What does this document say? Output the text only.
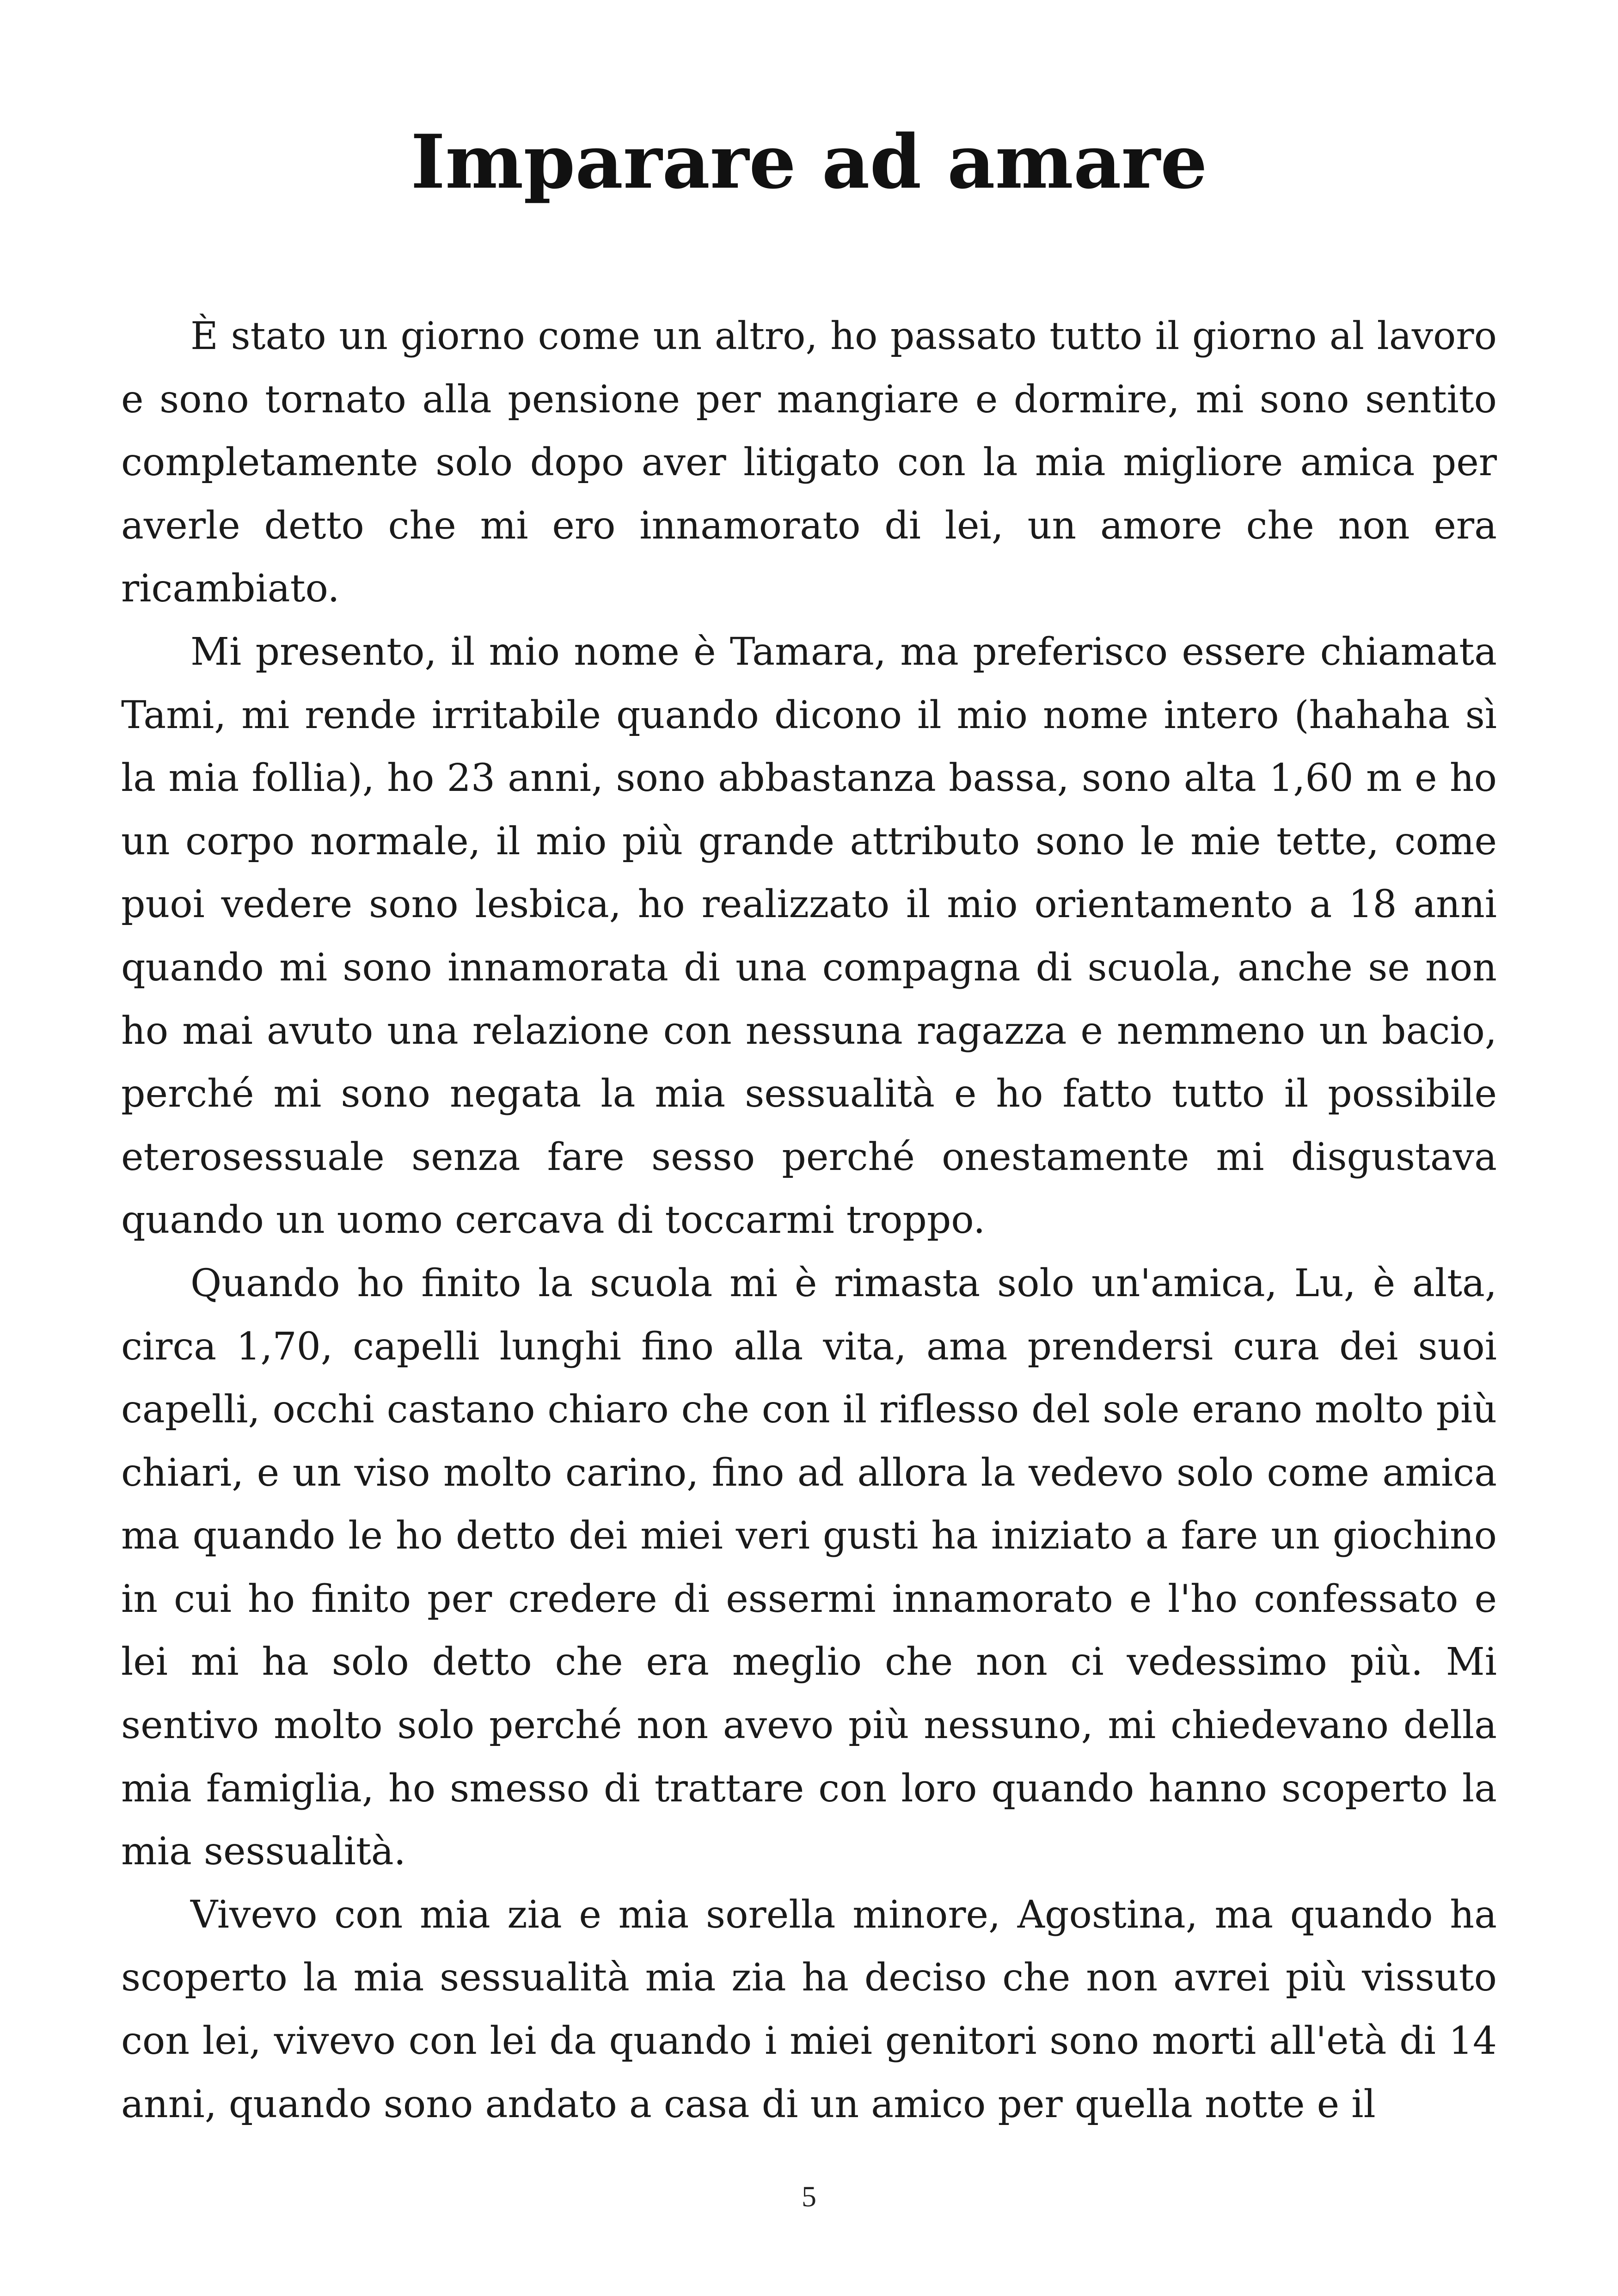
Imparare ad amare

È stato un giorno come un altro, ho passato tutto il giorno al lavoro e sono tornato alla pensione per mangiare e dormire, mi sono sentito completamente solo dopo aver litigato con la mia migliore amica per averle detto che mi ero innamorato di lei, un amore che non era ricambiato.

Mi presento, il mio nome è Tamara, ma preferisco essere chiamata Tami, mi rende irritabile quando dicono il mio nome intero (hahaha sì la mia follia), ho 23 anni, sono abbastanza bassa, sono alta 1,60 m e ho un corpo normale, il mio più grande attributo sono le mie tette, come puoi vedere sono lesbica, ho realizzato il mio orientamento a 18 anni quando mi sono innamorata di una compagna di scuola, anche se non ho mai avuto una relazione con nessuna ragazza e nemmeno un bacio, perché mi sono negata la mia sessualità e ho fatto tutto il possibile eterosessuale senza fare sesso perché onestamente mi disgustava quando un uomo cercava di toccarmi troppo.

Quando ho finito la scuola mi è rimasta solo un'amica, Lu, è alta, circa 1,70, capelli lunghi fino alla vita, ama prendersi cura dei suoi capelli, occhi castano chiaro che con il riflesso del sole erano molto più chiari, e un viso molto carino, fino ad allora la vedevo solo come amica ma quando le ho detto dei miei veri gusti ha iniziato a fare un giochino in cui ho finito per credere di essermi innamorato e l'ho confessato e lei mi ha solo detto che era meglio che non ci vedessimo più. Mi sentivo molto solo perché non avevo più nessuno, mi chiedevano della mia famiglia, ho smesso di trattare con loro quando hanno scoperto la mia sessualità.

Vivevo con mia zia e mia sorella minore, Agostina, ma quando ha scoperto la mia sessualità mia zia ha deciso che non avrei più vissuto con lei, vivevo con lei da quando i miei genitori sono morti all'età di 14 anni, quando sono andato a casa di un amico per quella notte e il

5
